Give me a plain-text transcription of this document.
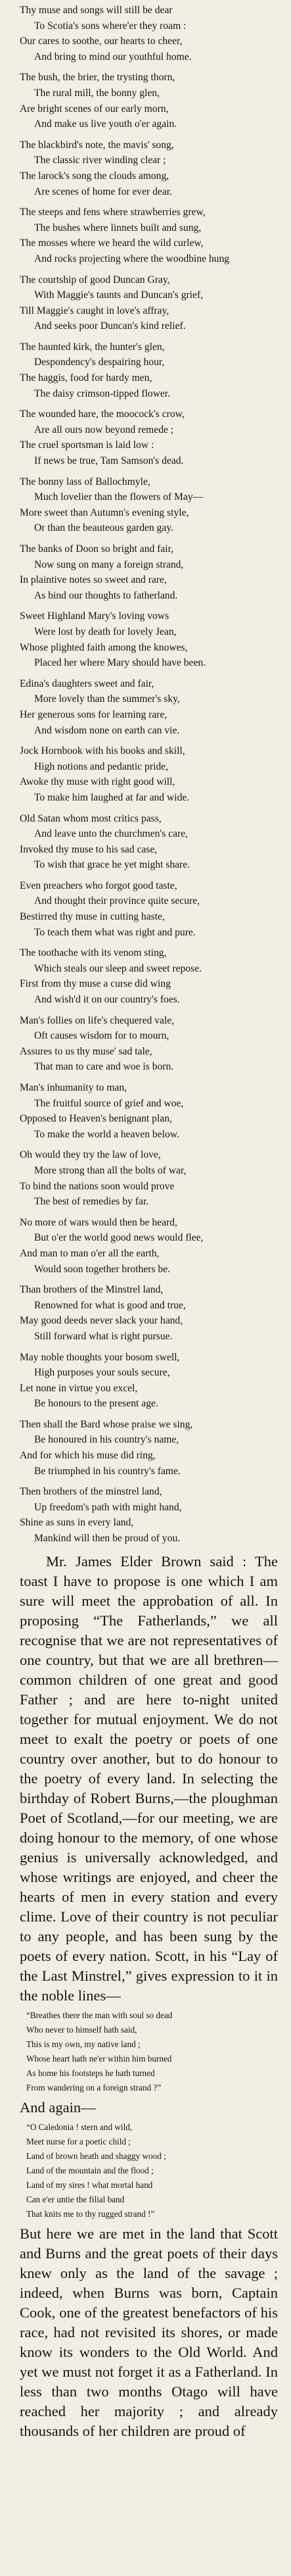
Thy muse and songs will still be dear
To Scotia's sons where'er they roam :
Our cares to soothe, our hearts to cheer,
And bring to mind our youthful home.
The bush, the brier, the trysting thorn,
The rural mill, the bonny glen,
Are bright scenes of our early morn,
And make us live youth o'er again.
The blackbird's note, the mavis' song,
The classic river winding clear ;
The larock's song the clouds among,
Are scenes of home for ever dear.
The steeps and fens where strawberries grew,
The bushes where linnets built and sung,
The mosses where we heard the wild curlew,
And rocks projecting where the woodbine hung
The courtship of good Duncan Gray,
With Maggie's taunts and Duncan's grief,
Till Maggie's caught in love's affray,
And seeks poor Duncan's kind relief.
The haunted kirk, the hunter's glen,
Despondency's despairing hour,
The haggis, food for hardy men,
The daisy crimson-tipped flower.
The wounded hare, the moocock's crow,
Are all ours now beyond remede ;
The cruel sportsman is laid low :
If news be true, Tam Samson's dead.
The bonny lass of Ballochmyle,
Much lovelier than the flowers of May—
More sweet than Autumn's evening style,
Or than the beauteous garden gay.
The banks of Doon so bright and fair,
Now sung on many a foreign strand,
In plaintive notes so sweet and rare,
As bind our thoughts to fatherland.
Sweet Highland Mary's loving vows
Were lost by death for lovely Jean,
Whose plighted faith among the knowes,
Placed her where Mary should have been.
Edina's daughters sweet and fair,
More lovely than the summer's sky,
Her generous sons for learning rare,
And wisdom none on earth can vie.
Jock Hornbook with his books and skill,
High notions and pedantic pride,
Awoke thy muse with right good will,
To make him laughed at far and wide.
Old Satan whom most critics pass,
And leave unto the churchmen's care,
Invoked thy muse to his sad case,
To wish that grace he yet might share.
Even preachers who forgot good taste,
And thought their province quite secure,
Bestirred thy muse in cutting haste,
To teach them what was right and pure.
The toothache with its venom sting,
Which steals our sleep and sweet repose.
First from thy muse a curse did wing
And wish'd it on our country's foes.
Man's follies on life's chequered vale,
Oft causes wisdom for to mourn,
Assures to us thy muse' sad tale,
That man to care and woe is born.
Man's inhumanity to man,
The fruitful source of grief and woe,
Opposed to Heaven's benignant plan,
To make the world a heaven below.
Oh would they try the law of love,
More strong than all the bolts of war,
To bind the nations soon would prove
The best of remedies by far.
No more of wars would then be heard,
But o'er the world good news would flee,
And man to man o'er all the earth,
Would soon together brothers be.
Than brothers of the Minstrel land,
Renowned for what is good and true,
May good deeds never slack your hand,
Still forward what is right pursue.
May noble thoughts your bosom swell,
High purposes your souls secure,
Let none in virtue you excel,
Be honours to the present age.
Then shall the Bard whose praise we sing,
Be honoured in his country's name,
And for which his muse did ring,
Be triumphed in his country's fame.
Then brothers of the minstrel land,
Up freedom's path with might hand,
Shine as suns in every land,
Mankind will then be proud of you.

Mr. James Elder Brown said : The toast I have to propose is one which I am sure will meet the approbation of all. In proposing “The Fatherlands,” we all recognise that we are not representatives of one country, but that we are all brethren—common children of one great and good Father ; and are here to-night united together for mutual enjoyment. We do not meet to exalt the poetry or poets of one country over another, but to do honour to the poetry of every land. In selecting the birthday of Robert Burns,—the ploughman Poet of Scotland,—for our meeting, we are doing honour to the memory, of one whose genius is universally acknowledged, and whose writings are enjoyed, and cheer the hearts of men in every station and every clime. Love of their country is not peculiar to any people, and has been sung by the poets of every nation. Scott, in his “Lay of the Last Minstrel,” gives expression to it in the noble lines—

“Breathes there the man with soul so dead
Who never to himself hath said,
This is my own, my native land ;
Whose heart hath ne'er within him burned
As home his footsteps he hath turned
From wandering on a foreign strand ?”

And again—

“O Caledonia ! stern and wild,
Meet nurse for a poetic child ;
Land of brown heath and shaggy wood ;
Land of the mountain and the flood ;
Land of my sires ! what mortal hand
Can e'er untie the filial band
That knits me to thy rugged strand !”

But here we are met in the land that Scott and Burns and the great poets of their days knew only as the land of the savage ; indeed, when Burns was born, Captain Cook, one of the greatest benefactors of his race, had not revisited its shores, or made know its wonders to the Old World. And yet we must not forget it as a Fatherland. In less than two months Otago will have reached her majority ; and already thousands of her children are proud of
